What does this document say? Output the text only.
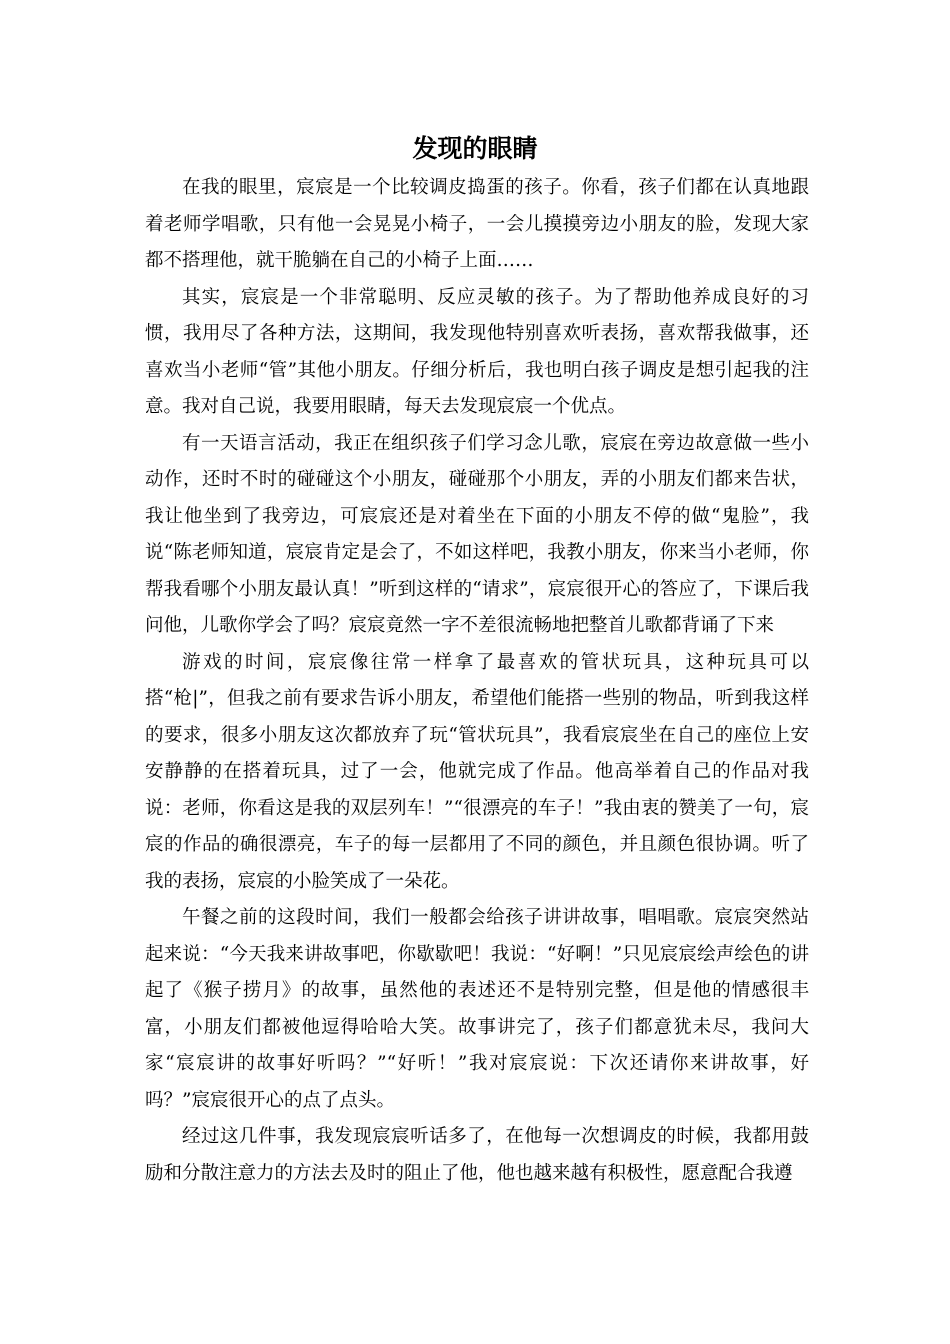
发现的眼睛

在我的眼里，宸宸是一个比较调皮捣蛋的孩子。你看，孩子们都在认真地跟着老师学唱歌，只有他一会晃晃小椅子，一会儿摸摸旁边小朋友的脸，发现大家都不搭理他，就干脆躺在自己的小椅子上面……

其实，宸宸是一个非常聪明、反应灵敏的孩子。为了帮助他养成良好的习惯，我用尽了各种方法，这期间，我发现他特别喜欢听表扬，喜欢帮我做事，还喜欢当小老师“管”其他小朋友。仔细分析后，我也明白孩子调皮是想引起我的注意。我对自己说，我要用眼睛，每天去发现宸宸一个优点。

有一天语言活动，我正在组织孩子们学习念儿歌，宸宸在旁边故意做一些小动作，还时不时的碰碰这个小朋友，碰碰那个小朋友，弄的小朋友们都来告状，我让他坐到了我旁边，可宸宸还是对着坐在下面的小朋友不停的做“鬼脸”，我说“陈老师知道，宸宸肯定是会了，不如这样吧，我教小朋友，你来当小老师，你帮我看哪个小朋友最认真！”听到这样的“请求”，宸宸很开心的答应了，下课后我问他，儿歌你学会了吗？宸宸竟然一字不差很流畅地把整首儿歌都背诵了下来

游戏的时间，宸宸像往常一样拿了最喜欢的管状玩具，这种玩具可以搭“枪|”，但我之前有要求告诉小朋友，希望他们能搭一些别的物品，听到我这样的要求，很多小朋友这次都放弃了玩“管状玩具”，我看宸宸坐在自己的座位上安安静静的在搭着玩具，过了一会，他就完成了作品。他高举着自己的作品对我说：老师，你看这是我的双层列车！”“很漂亮的车子！”我由衷的赞美了一句，宸宸的作品的确很漂亮，车子的每一层都用了不同的颜色，并且颜色很协调。听了我的表扬，宸宸的小脸笑成了一朵花。

午餐之前的这段时间，我们一般都会给孩子讲讲故事，唱唱歌。宸宸突然站起来说：“今天我来讲故事吧，你歇歇吧！我说：“好啊！”只见宸宸绘声绘色的讲起了《猴子捞月》的故事，虽然他的表述还不是特别完整，但是他的情感很丰富，小朋友们都被他逗得哈哈大笑。故事讲完了，孩子们都意犹未尽，我问大家“宸宸讲的故事好听吗？”“好听！”我对宸宸说：下次还请你来讲故事，好吗？”宸宸很开心的点了点头。

经过这几件事，我发现宸宸听话多了，在他每一次想调皮的时候，我都用鼓励和分散注意力的方法去及时的阻止了他，他也越来越有积极性，愿意配合我遵
